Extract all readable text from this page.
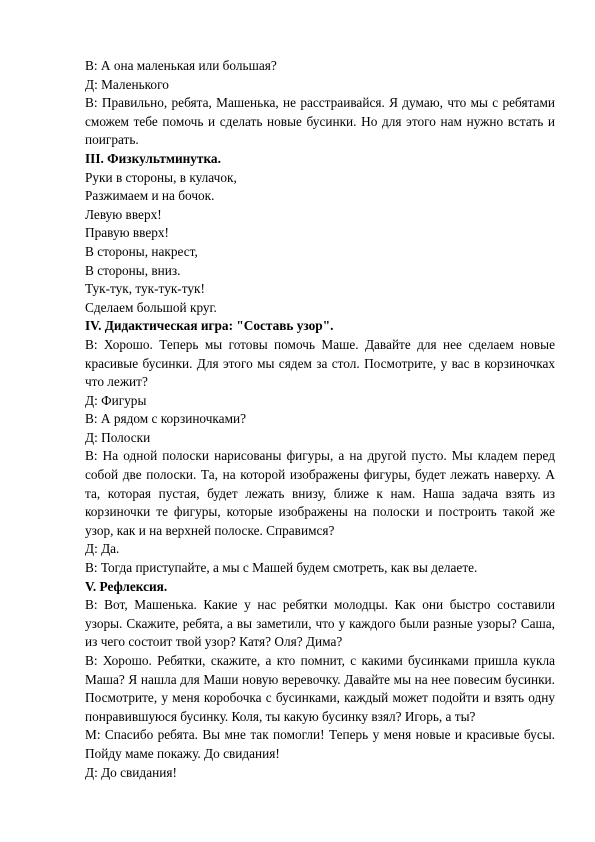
В: А она маленькая или большая?

Д: Маленького

В: Правильно, ребята, Машенька, не расстраивайся. Я думаю, что мы с ребятами сможем тебе помочь и сделать новые бусинки. Но для этого нам нужно встать и поиграть.

III. Физкультминутка.

Руки в стороны, в кулачок,

Разжимаем и на бочок.

Левую вверх!

Правую вверх!

В стороны, накрест,

В стороны, вниз.

Тук-тук, тук-тук-тук!

Сделаем большой круг.

IV. Дидактическая игра: "Составь узор".

В: Хорошо. Теперь мы готовы помочь Маше. Давайте для нее сделаем новые красивые бусинки. Для этого мы сядем за стол. Посмотрите, у вас в корзиночках что лежит?

Д: Фигуры

В: А рядом с корзиночками?

Д: Полоски

В: На одной полоски нарисованы фигуры, а на другой пусто. Мы кладем перед собой две полоски. Та, на которой изображены фигуры, будет лежать наверху. А та, которая пустая, будет лежать внизу, ближе к нам. Наша задача взять из корзиночки те фигуры, которые изображены на полоски и построить такой же узор, как и на верхней полоске. Справимся?

Д: Да.

В: Тогда приступайте, а мы с Машей будем смотреть, как вы делаете.

V. Рефлексия.

В: Вот, Машенька. Какие у нас ребятки молодцы. Как они быстро составили узоры. Скажите, ребята, а вы заметили, что у каждого были разные узоры? Саша, из чего состоит твой узор? Катя? Оля? Дима?

В: Хорошо. Ребятки, скажите, а кто помнит, с какими бусинками пришла кукла Маша? Я нашла для Маши новую веревочку. Давайте мы на нее повесим бусинки. Посмотрите, у меня коробочка с бусинками, каждый может подойти и взять одну понравившуюся бусинку. Коля, ты какую бусинку взял? Игорь, а ты?

М: Спасибо ребята. Вы мне так помогли! Теперь у меня новые и красивые бусы. Пойду маме покажу. До свидания!

Д: До свидания!
